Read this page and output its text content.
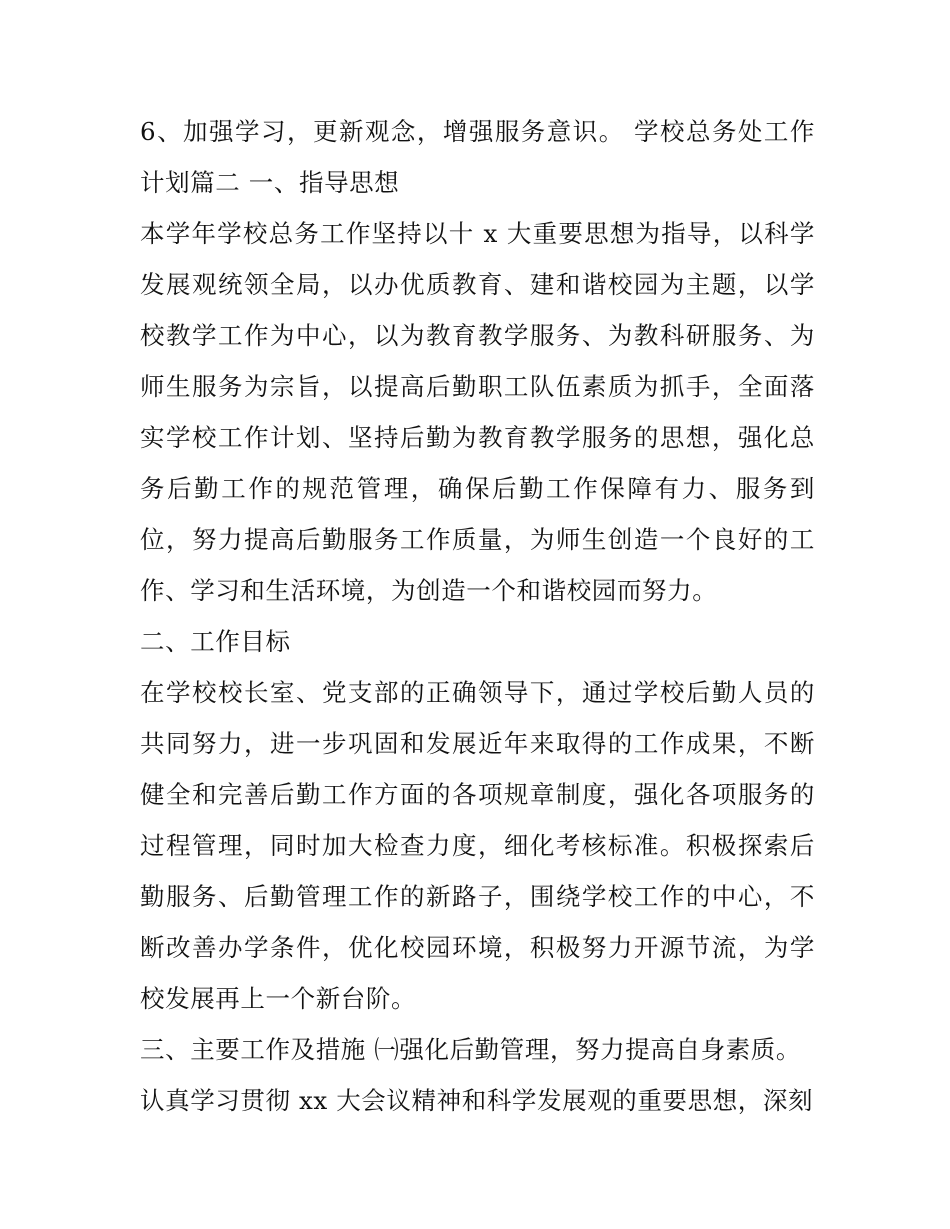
6、加强学习，更新观念，增强服务意识。 学校总务处工作计划篇二 一、指导思想

本学年学校总务工作坚持以十 x 大重要思想为指导，以科学发展观统领全局，以办优质教育、建和谐校园为主题，以学校教学工作为中心，以为教育教学服务、为教科研服务、为师生服务为宗旨，以提高后勤职工队伍素质为抓手，全面落实学校工作计划、坚持后勤为教育教学服务的思想，强化总务后勤工作的规范管理，确保后勤工作保障有力、服务到位，努力提高后勤服务工作质量，为师生创造一个良好的工作、学习和生活环境，为创造一个和谐校园而努力。

二、工作目标

在学校校长室、党支部的正确领导下，通过学校后勤人员的共同努力，进一步巩固和发展近年来取得的工作成果，不断健全和完善后勤工作方面的各项规章制度，强化各项服务的过程管理，同时加大检查力度，细化考核标准。积极探索后勤服务、后勤管理工作的新路子，围绕学校工作的中心，不断改善办学条件，优化校园环境，积极努力开源节流，为学校发展再上一个新台阶。

三、主要工作及措施 ㈠强化后勤管理，努力提高自身素质。

认真学习贯彻 xx 大会议精神和科学发展观的重要思想，深刻
